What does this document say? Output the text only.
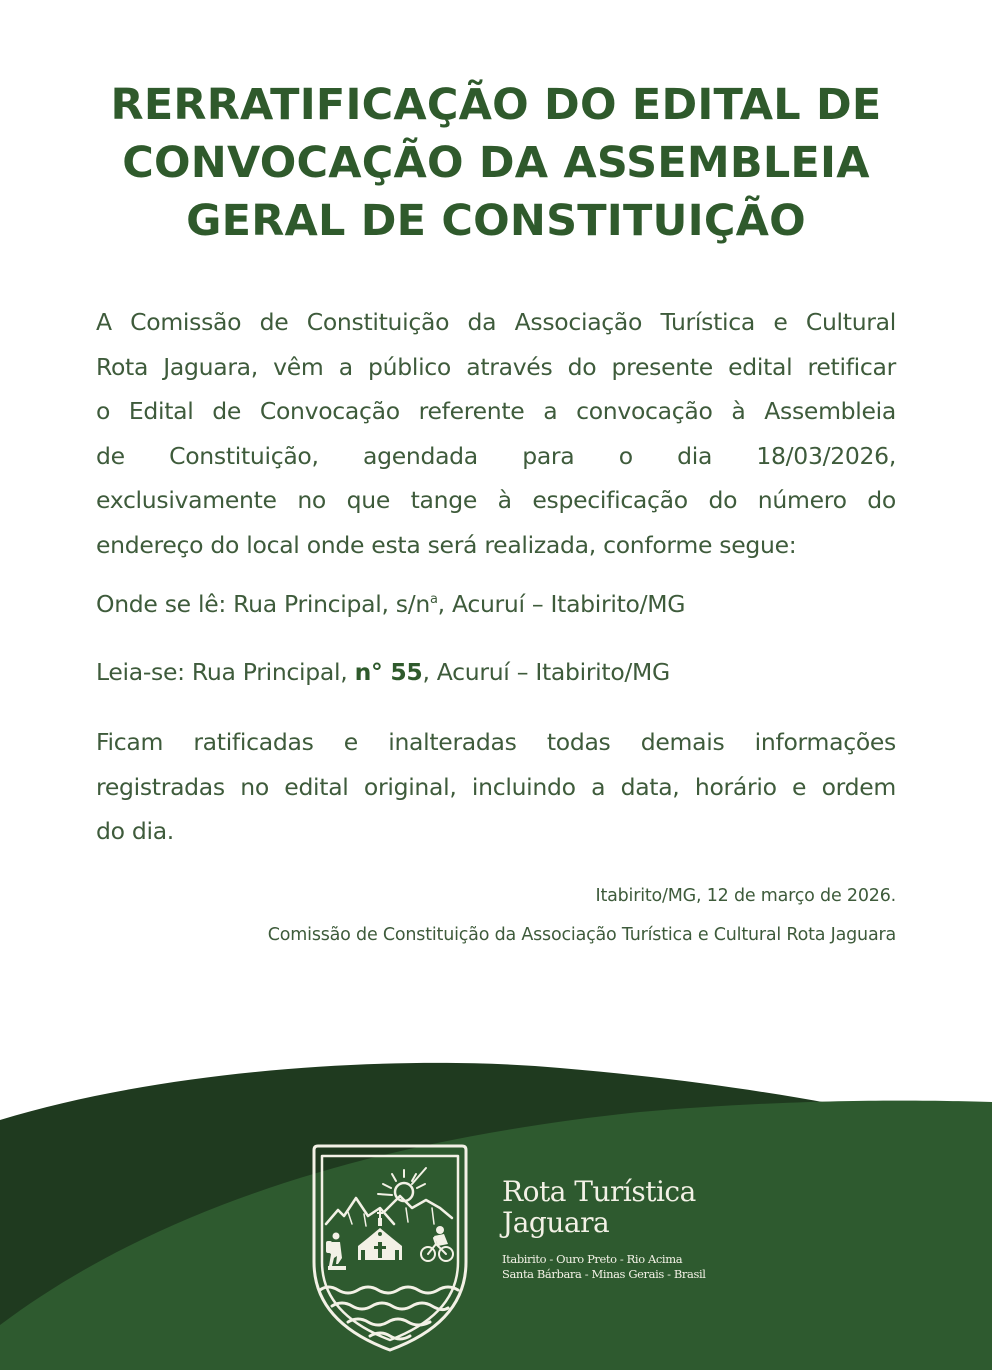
RERRATIFICAÇÃO DO EDITAL DE
CONVOCAÇÃO DA ASSEMBLEIA
GERAL DE CONSTITUIÇÃO
A Comissão de Constituição da Associação Turística e Cultural
Rota Jaguara, vêm a público através do presente edital retificar
o Edital de Convocação referente a convocação à Assembleia
de Constituição, agendada para o dia 18/03/2026,
exclusivamente no que tange à especificação do número do
endereço do local onde esta será realizada, conforme segue:
Onde se lê: Rua Principal, $s/n^a$, Acuruí – Itabirito/MG
Leia-se: Rua Principal, n° 55, Acuruí – Itabirito/MG
Ficam ratificadas e inalteradas todas demais informações
registradas no edital original, incluindo a data, horário e ordem
do dia.
Itabirito/MG, 12 de março de 2026.
Comissão de Constituição da Associação Turística e Cultural Rota Jaguara
Rota Turística
Jaguara
Itabirito - Ouro Preto - Rio Acima
Santa Bárbara - Minas Gerais - Brasil
